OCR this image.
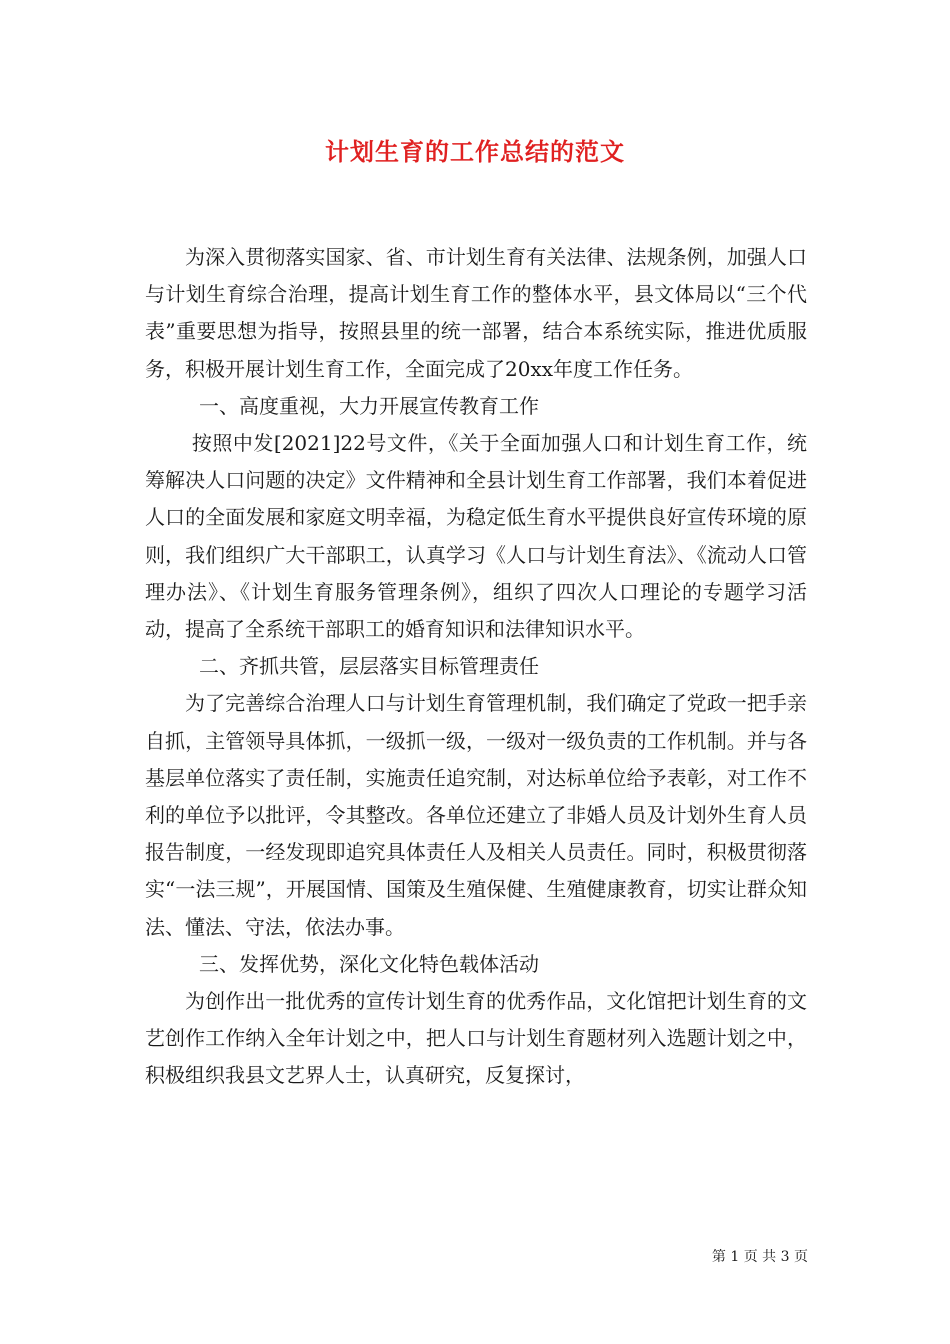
计划生育的工作总结的范文

为深入贯彻落实国家、省、市计划生育有关法律、法规条例，加强人口与计划生育综合治理，提高计划生育工作的整体水平，县文体局以“三个代表”重要思想为指导，按照县里的统一部署，结合本系统实际，推进优质服务，积极开展计划生育工作，全面完成了20xx年度工作任务。

一、高度重视，大力开展宣传教育工作

按照中发[2021]22号文件，《关于全面加强人口和计划生育工作，统筹解决人口问题的决定》文件精神和全县计划生育工作部署，我们本着促进人口的全面发展和家庭文明幸福，为稳定低生育水平提供良好宣传环境的原则，我们组织广大干部职工，认真学习《人口与计划生育法》、《流动人口管理办法》、《计划生育服务管理条例》，组织了四次人口理论的专题学习活动，提高了全系统干部职工的婚育知识和法律知识水平。

二、齐抓共管，层层落实目标管理责任

为了完善综合治理人口与计划生育管理机制，我们确定了党政一把手亲自抓，主管领导具体抓，一级抓一级，一级对一级负责的工作机制。并与各基层单位落实了责任制，实施责任追究制，对达标单位给予表彰，对工作不利的单位予以批评，令其整改。各单位还建立了非婚人员及计划外生育人员报告制度，一经发现即追究具体责任人及相关人员责任。同时，积极贯彻落实“一法三规”，开展国情、国策及生殖保健、生殖健康教育，切实让群众知法、懂法、守法，依法办事。

三、发挥优势，深化文化特色载体活动

为创作出一批优秀的宣传计划生育的优秀作品，文化馆把计划生育的文艺创作工作纳入全年计划之中，把人口与计划生育题材列入选题计划之中，积极组织我县文艺界人士，认真研究，反复探讨，

第 1 页 共 3 页
